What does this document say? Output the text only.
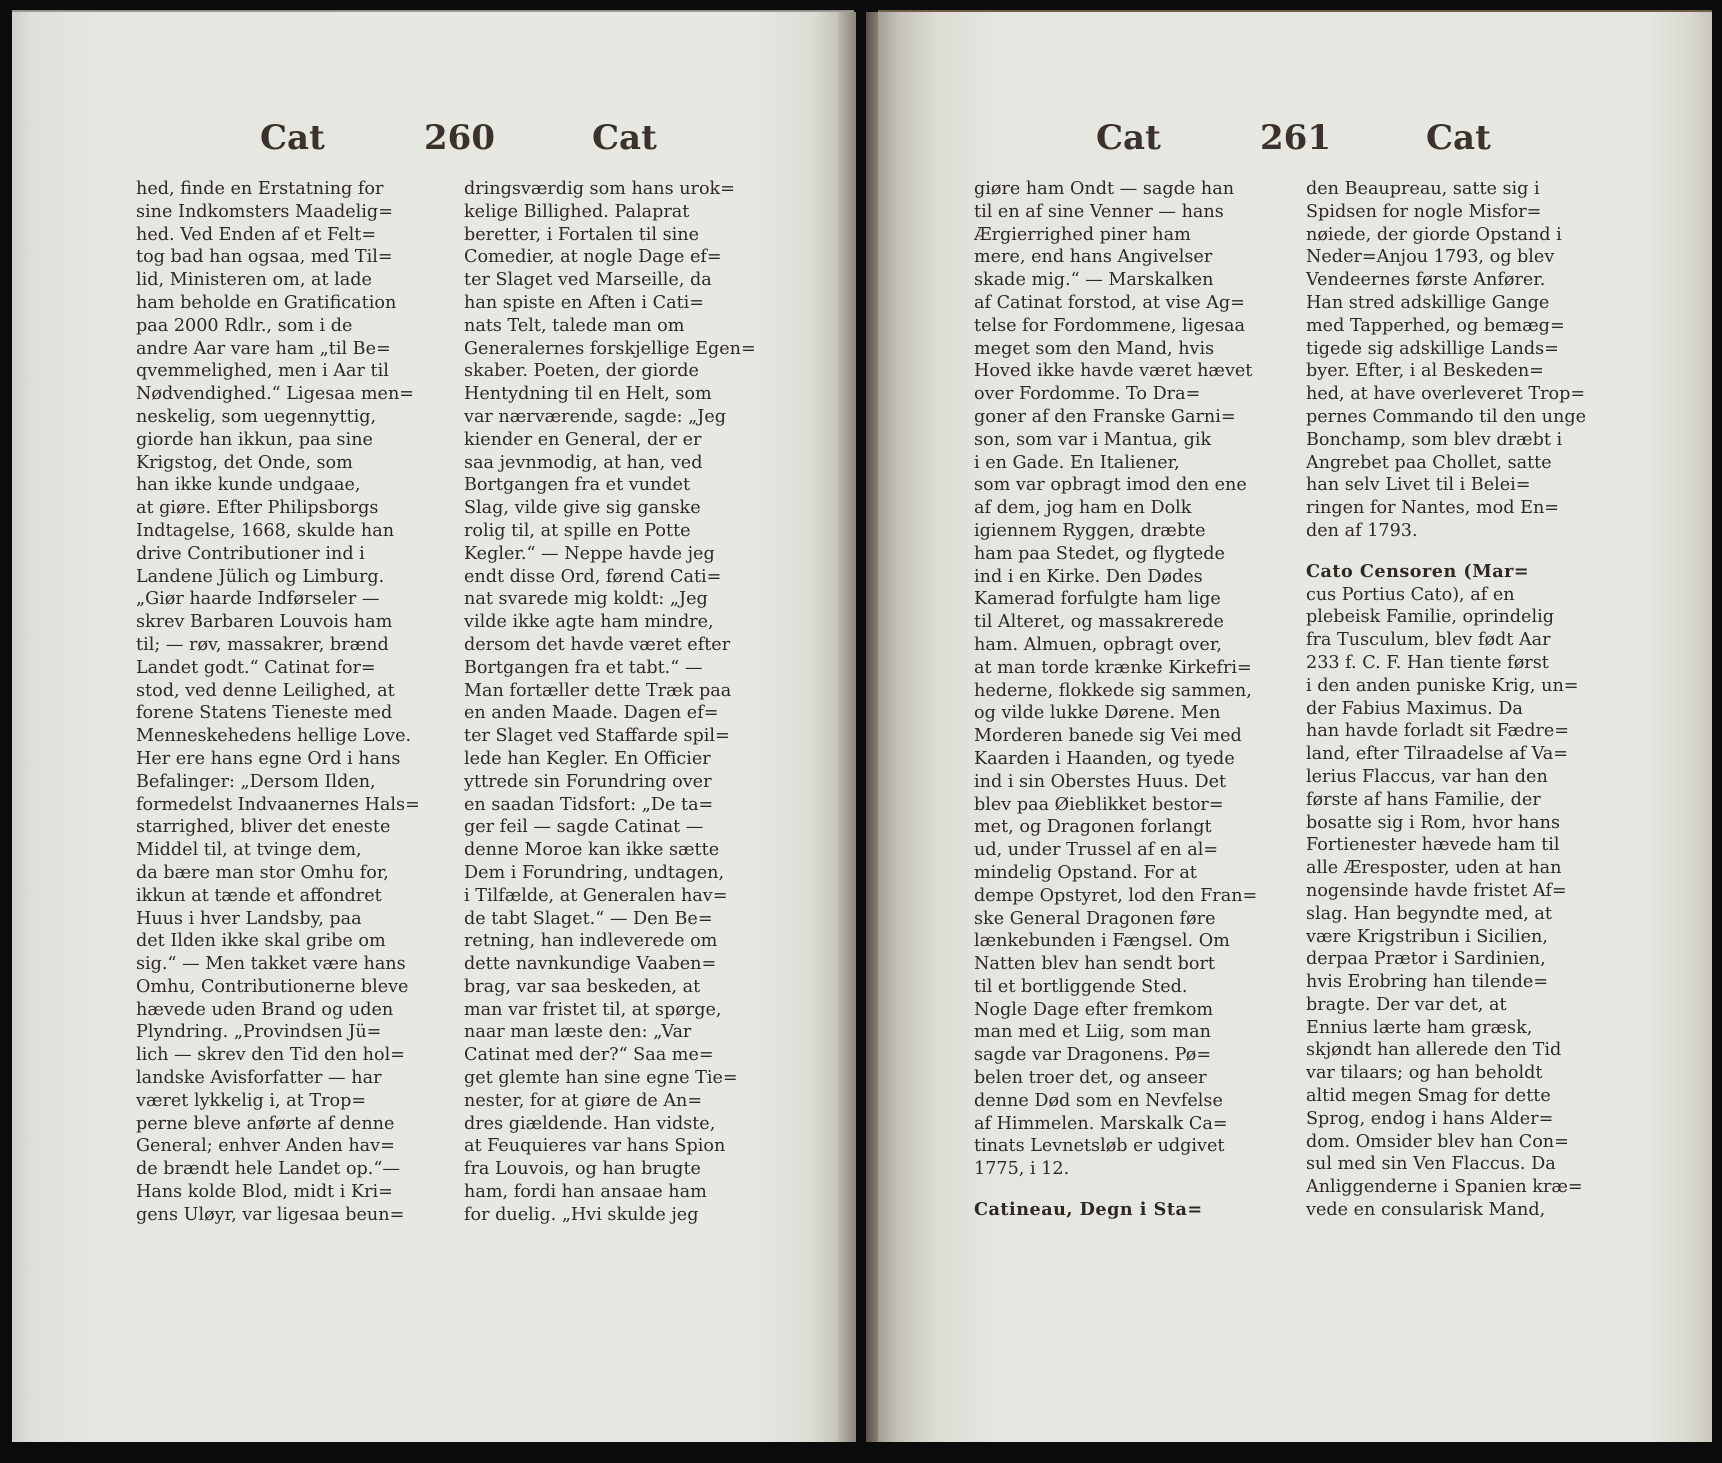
Cat	260	Cat
hed, finde en Erstatning for
sine Indkomsters Maadelig=
hed. Ved Enden af et Felt=
tog bad han ogsaa, med Til=
lid, Ministeren om, at lade
ham beholde en Gratification
paa 2000 Rdlr., som i de
andre Aar vare ham „til Be=
qvemmelighed, men i Aar til
Nødvendighed.“ Ligesaa men=
neskelig, som uegennyttig,
giorde han ikkun, paa sine
Krigstog, det Onde, som
han ikke kunde undgaae,
at giøre. Efter Philipsborgs
Indtagelse, 1668, skulde han
drive Contributioner ind i
Landene Jülich og Limburg.
„Giør haarde Indførseler —
skrev Barbaren Louvois ham
til; — røv, massakrer, brænd
Landet godt.“ Catinat for=
stod, ved denne Leilighed, at
forene Statens Tieneste med
Menneskehedens hellige Love.
Her ere hans egne Ord i hans
Befalinger: „Dersom Ilden,
formedelst Indvaanernes Hals=
starrighed, bliver det eneste
Middel til, at tvinge dem,
da bære man stor Omhu for,
ikkun at tænde et affondret
Huus i hver Landsby, paa
det Ilden ikke skal gribe om
sig.“ — Men takket være hans
Omhu, Contributionerne bleve
hævede uden Brand og uden
Plyndring. „Provindsen Jü=
lich — skrev den Tid den hol=
landske Avisforfatter — har
været lykkelig i, at Trop=
perne bleve anførte af denne
General; enhver Anden hav=
de brændt hele Landet op.“—
Hans kolde Blod, midt i Kri=
gens Uløyr, var ligesaa beun=
dringsværdig som hans urok=
kelige Billighed. Palaprat
beretter, i Fortalen til sine
Comedier, at nogle Dage ef=
ter Slaget ved Marseille, da
han spiste en Aften i Cati=
nats Telt, talede man om
Generalernes forskjellige Egen=
skaber. Poeten, der giorde
Hentydning til en Helt, som
var nærværende, sagde: „Jeg
kiender en General, der er
saa jevnmodig, at han, ved
Bortgangen fra et vundet
Slag, vilde give sig ganske
rolig til, at spille en Potte
Kegler.“ — Neppe havde jeg
endt disse Ord, førend Cati=
nat svarede mig koldt: „Jeg
vilde ikke agte ham mindre,
dersom det havde været efter
Bortgangen fra et tabt.“ —
Man fortæller dette Træk paa
en anden Maade. Dagen ef=
ter Slaget ved Staffarde spil=
lede han Kegler. En Officier
yttrede sin Forundring over
en saadan Tidsfort: „De ta=
ger feil — sagde Catinat —
denne Moroe kan ikke sætte
Dem i Forundring, undtagen,
i Tilfælde, at Generalen hav=
de tabt Slaget.“ — Den Be=
retning, han indleverede om
dette navnkundige Vaaben=
brag, var saa beskeden, at
man var fristet til, at spørge,
naar man læste den: „Var
Catinat med der?“ Saa me=
get glemte han sine egne Tie=
nester, for at giøre de An=
dres giældende. Han vidste,
at Feuquieres var hans Spion
fra Louvois, og han brugte
ham, fordi han ansaae ham
for duelig. „Hvi skulde jeg
Cat	261	Cat
giøre ham Ondt — sagde han
til en af sine Venner — hans
Ærgierrighed piner ham
mere, end hans Angivelser
skade mig.“ — Marskalken
af Catinat forstod, at vise Ag=
telse for Fordommene, ligesaa
meget som den Mand, hvis
Hoved ikke havde været hævet
over Fordomme. To Dra=
goner af den Franske Garni=
son, som var i Mantua, gik
i en Gade. En Italiener,
som var opbragt imod den ene
af dem, jog ham en Dolk
igiennem Ryggen, dræbte
ham paa Stedet, og flygtede
ind i en Kirke. Den Dødes
Kamerad forfulgte ham lige
til Alteret, og massakrerede
ham. Almuen, opbragt over,
at man torde krænke Kirkefri=
hederne, flokkede sig sammen,
og vilde lukke Dørene. Men
Morderen banede sig Vei med
Kaarden i Haanden, og tyede
ind i sin Oberstes Huus. Det
blev paa Øieblikket bestor=
met, og Dragonen forlangt
ud, under Trussel af en al=
mindelig Opstand. For at
dempe Opstyret, lod den Fran=
ske General Dragonen føre
lænkebunden i Fængsel. Om
Natten blev han sendt bort
til et bortliggende Sted.
Nogle Dage efter fremkom
man med et Liig, som man
sagde var Dragonens. Pø=
belen troer det, og anseer
denne Død som en Nevfelse
af Himmelen. Marskalk Ca=
tinats Levnetsløb er udgivet
1775, i 12.
Catineau, Degn i Sta=
den Beaupreau, satte sig i
Spidsen for nogle Misfor=
nøiede, der giorde Opstand i
Neder=Anjou 1793, og blev
Vendeernes første Anfører.
Han stred adskillige Gange
med Tapperhed, og bemæg=
tigede sig adskillige Lands=
byer. Efter, i al Beskeden=
hed, at have overleveret Trop=
pernes Commando til den unge
Bonchamp, som blev dræbt i
Angrebet paa Chollet, satte
han selv Livet til i Belei=
ringen for Nantes, mod En=
den af 1793.
Cato Censoren (Mar=
cus Portius Cato), af en
plebeisk Familie, oprindelig
fra Tusculum, blev født Aar
233 f. C. F. Han tiente først
i den anden puniske Krig, un=
der Fabius Maximus. Da
han havde forladt sit Fædre=
land, efter Tilraadelse af Va=
lerius Flaccus, var han den
første af hans Familie, der
bosatte sig i Rom, hvor hans
Fortienester hævede ham til
alle Æresposter, uden at han
nogensinde havde fristet Af=
slag. Han begyndte med, at
være Krigstribun i Sicilien,
derpaa Prætor i Sardinien,
hvis Erobring han tilende=
bragte. Der var det, at
Ennius lærte ham græsk,
skjøndt han allerede den Tid
var tilaars; og han beholdt
altid megen Smag for dette
Sprog, endog i hans Alder=
dom. Omsider blev han Con=
sul med sin Ven Flaccus. Da
Anliggenderne i Spanien kræ=
vede en consularisk Mand,
